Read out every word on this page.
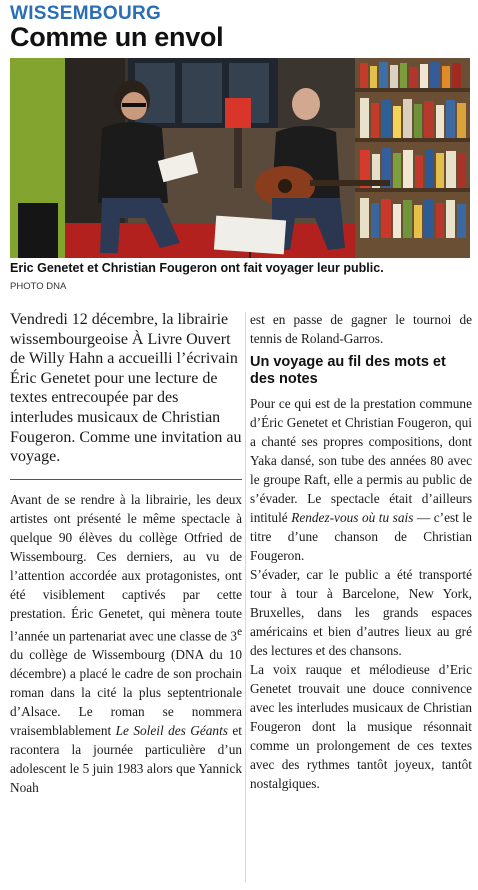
WISSEMBOURG
Comme un envol
Eric Genetet et Christian Fougeron ont fait voyager leur public.
PHOTO DNA

Vendredi 12 décembre, la librairie wissembourgeoise À Livre Ouvert de Willy Hahn a accueilli l’écrivain Éric Genetet pour une lecture de textes entrecoupée par des interludes musicaux de Christian Fougeron. Comme une invitation au voyage.

Avant de se rendre à la librairie, les deux artistes ont présenté le même spectacle à quelque 90 élèves du collège Otfried de Wissembourg. Ces derniers, au vu de l’attention accordée aux protagonistes, ont été visiblement captivés par cette prestation. Éric Genetet, qui mènera toute l’année un partenariat avec une classe de 3e du collège de Wissembourg (DNA du 10 décembre) a placé le cadre de son prochain roman dans la cité la plus septentrionale d’Alsace. Le roman se nommera vraisemblablement Le Soleil des Géants et racontera la journée particulière d’un adolescent le 5 juin 1983 alors que Yannick Noah

est en passe de gagner le tournoi de tennis de Roland-Garros.

Un voyage au fil des mots et des notes

Pour ce qui est de la prestation commune d’Éric Genetet et Christian Fougeron, qui a chanté ses propres compositions, dont Yaka dansé, son tube des années 80 avec le groupe Raft, elle a permis au public de s’évader. Le spectacle était d’ailleurs intitulé Rendez-vous où tu sais — c’est le titre d’une chanson de Christian Fougeron.

S’évader, car le public a été transporté tour à tour à Barcelone, New York, Bruxelles, dans les grands espaces américains et bien d’autres lieux au gré des lectures et des chansons.

La voix rauque et mélodieuse d’Eric Genetet trouvait une douce connivence avec les interludes musicaux de Christian Fougeron dont la musique résonnait comme un prolongement de ces textes avec des rythmes tantôt joyeux, tantôt nostalgiques.
